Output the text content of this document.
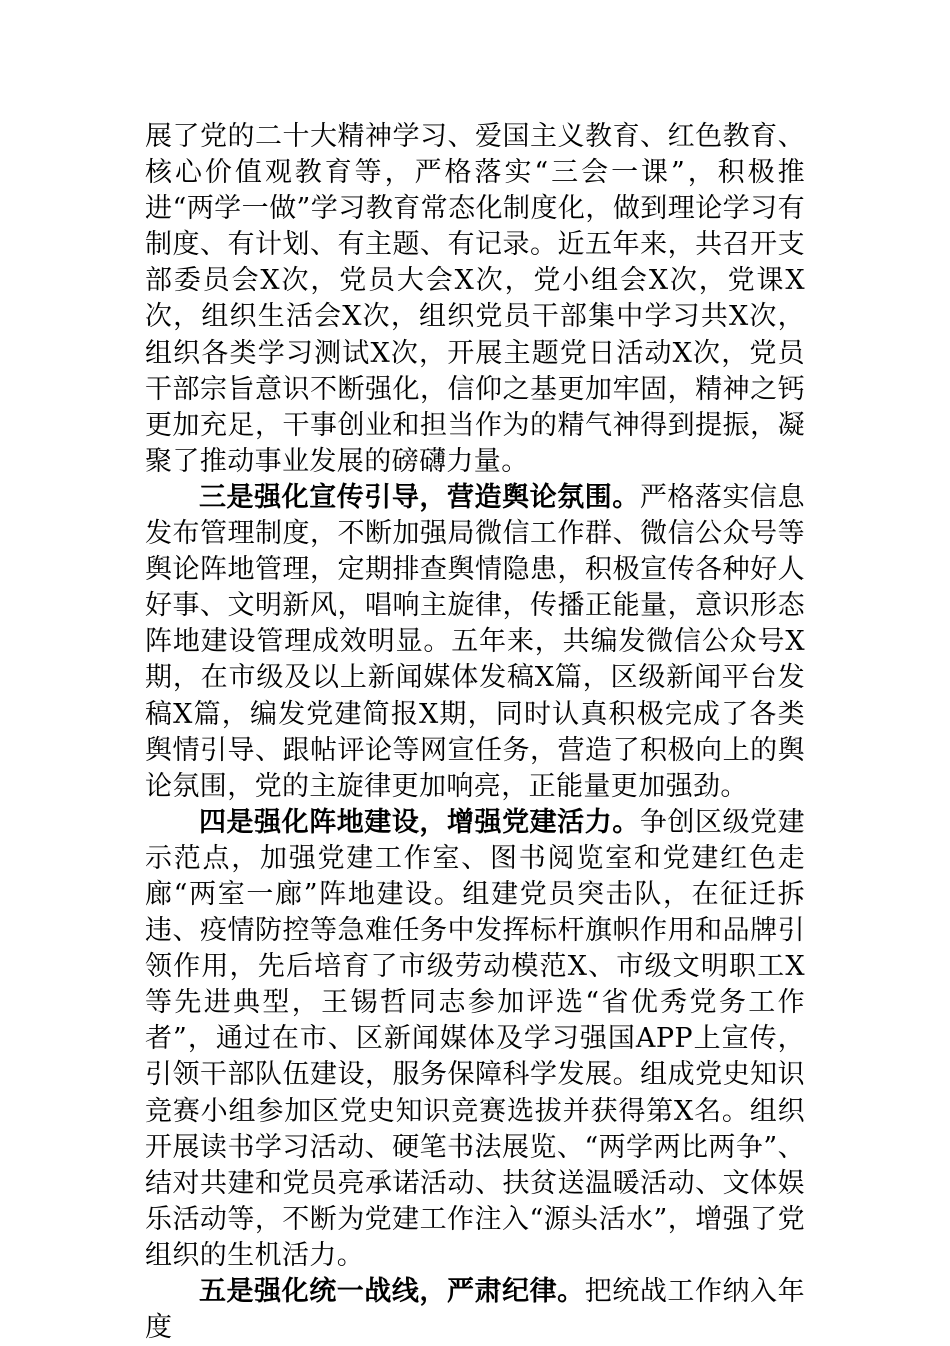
展了党的二十大精神学习、爱国主义教育、红色教育、核心价值观教育等，严格落实“三会一课”，积极推进“两学一做”学习教育常态化制度化，做到理论学习有制度、有计划、有主题、有记录。近五年来，共召开支部委员会X次，党员大会X次，党小组会X次，党课X次，组织生活会X次，组织党员干部集中学习共X次，组织各类学习测试X次，开展主题党日活动X次，党员干部宗旨意识不断强化，信仰之基更加牢固，精神之钙更加充足，干事创业和担当作为的精气神得到提振，凝聚了推动事业发展的磅礴力量。

三是强化宣传引导，营造舆论氛围。严格落实信息发布管理制度，不断加强局微信工作群、微信公众号等舆论阵地管理，定期排查舆情隐患，积极宣传各种好人好事、文明新风，唱响主旋律，传播正能量，意识形态阵地建设管理成效明显。五年来，共编发微信公众号X期，在市级及以上新闻媒体发稿X篇，区级新闻平台发稿X篇，编发党建简报X期，同时认真积极完成了各类舆情引导、跟帖评论等网宣任务，营造了积极向上的舆论氛围，党的主旋律更加响亮，正能量更加强劲。

四是强化阵地建设，增强党建活力。争创区级党建示范点，加强党建工作室、图书阅览室和党建红色走廊“两室一廊”阵地建设。组建党员突击队，在征迁拆违、疫情防控等急难任务中发挥标杆旗帜作用和品牌引领作用，先后培育了市级劳动模范X、市级文明职工X等先进典型，王锡哲同志参加评选“省优秀党务工作者”，通过在市、区新闻媒体及学习强国APP上宣传，引领干部队伍建设，服务保障科学发展。组成党史知识竞赛小组参加区党史知识竞赛选拔并获得第X名。组织开展读书学习活动、硬笔书法展览、“两学两比两争”、结对共建和党员亮承诺活动、扶贫送温暖活动、文体娱乐活动等，不断为党建工作注入“源头活水”，增强了党组织的生机活力。

五是强化统一战线，严肃纪律。把统战工作纳入年度
